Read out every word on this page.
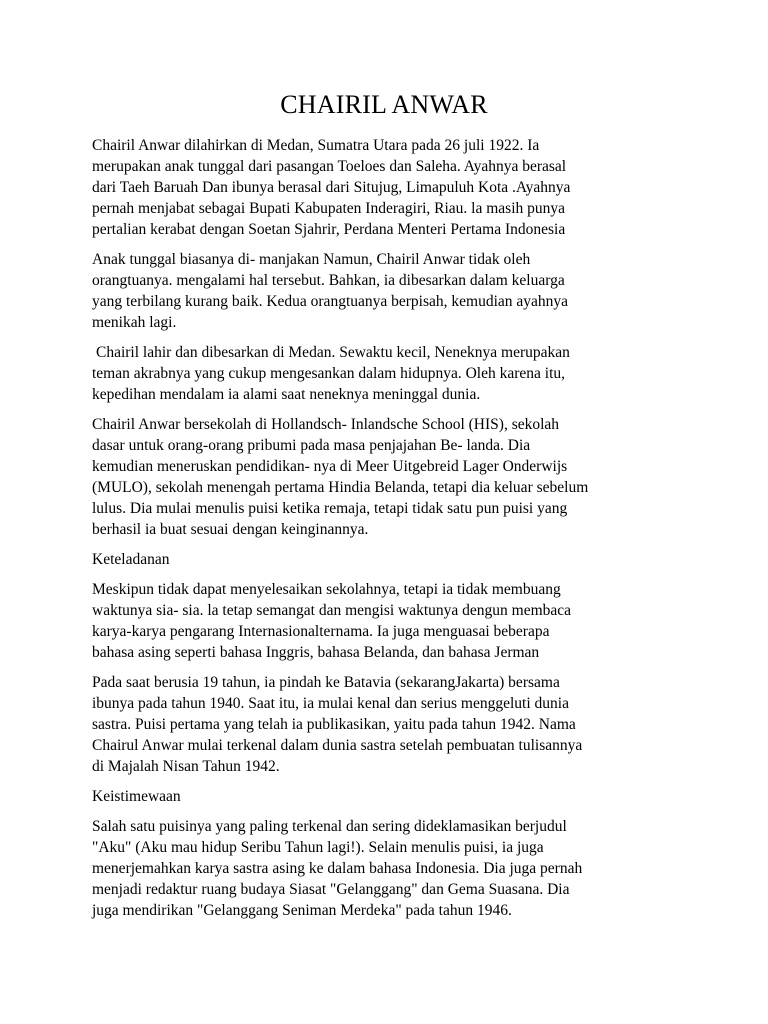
CHAIRIL ANWAR

Chairil Anwar dilahirkan di Medan, Sumatra Utara pada 26 juli 1922. Ia
merupakan anak tunggal dari pasangan Toeloes dan Saleha. Ayahnya berasal
dari Taeh Baruah Dan ibunya berasal dari Situjug, Limapuluh Kota .Ayahnya
pernah menjabat sebagai Bupati Kabupaten Inderagiri, Riau. la masih punya
pertalian kerabat dengan Soetan Sjahrir, Perdana Menteri Pertama Indonesia

Anak tunggal biasanya di- manjakan Namun, Chairil Anwar tidak oleh
orangtuanya. mengalami hal tersebut. Bahkan, ia dibesarkan dalam keluarga
yang terbilang kurang baik. Kedua orangtuanya berpisah, kemudian ayahnya
menikah lagi.

Chairil lahir dan dibesarkan di Medan. Sewaktu kecil, Neneknya merupakan
teman akrabnya yang cukup mengesankan dalam hidupnya. Oleh karena itu,
kepedihan mendalam ia alami saat neneknya meninggal dunia.

Chairil Anwar bersekolah di Hollandsch- Inlandsche School (HIS), sekolah
dasar untuk orang-orang pribumi pada masa penjajahan Be- landa. Dia
kemudian meneruskan pendidikan- nya di Meer Uitgebreid Lager Onderwijs
(MULO), sekolah menengah pertama Hindia Belanda, tetapi dia keluar sebelum
lulus. Dia mulai menulis puisi ketika remaja, tetapi tidak satu pun puisi yang
berhasil ia buat sesuai dengan keinginannya.

Keteladanan

Meskipun tidak dapat menyelesaikan sekolahnya, tetapi ia tidak membuang
waktunya sia- sia. la tetap semangat dan mengisi waktunya dengun membaca
karya-karya pengarang Internasionalternama. Ia juga menguasai beberapa
bahasa asing seperti bahasa Inggris, bahasa Belanda, dan bahasa Jerman

Pada saat berusia 19 tahun, ia pindah ke Batavia (sekarangJakarta) bersama
ibunya pada tahun 1940. Saat itu, ia mulai kenal dan serius menggeluti dunia
sastra. Puisi pertama yang telah ia publikasikan, yaitu pada tahun 1942. Nama
Chairul Anwar mulai terkenal dalam dunia sastra setelah pembuatan tulisannya
di Majalah Nisan Tahun 1942.

Keistimewaan

Salah satu puisinya yang paling terkenal dan sering dideklamasikan berjudul
"Aku" (Aku mau hidup Seribu Tahun lagi!). Selain menulis puisi, ia juga
menerjemahkan karya sastra asing ke dalam bahasa Indonesia. Dia juga pernah
menjadi redaktur ruang budaya Siasat "Gelanggang" dan Gema Suasana. Dia
juga mendirikan "Gelanggang Seniman Merdeka" pada tahun 1946.
